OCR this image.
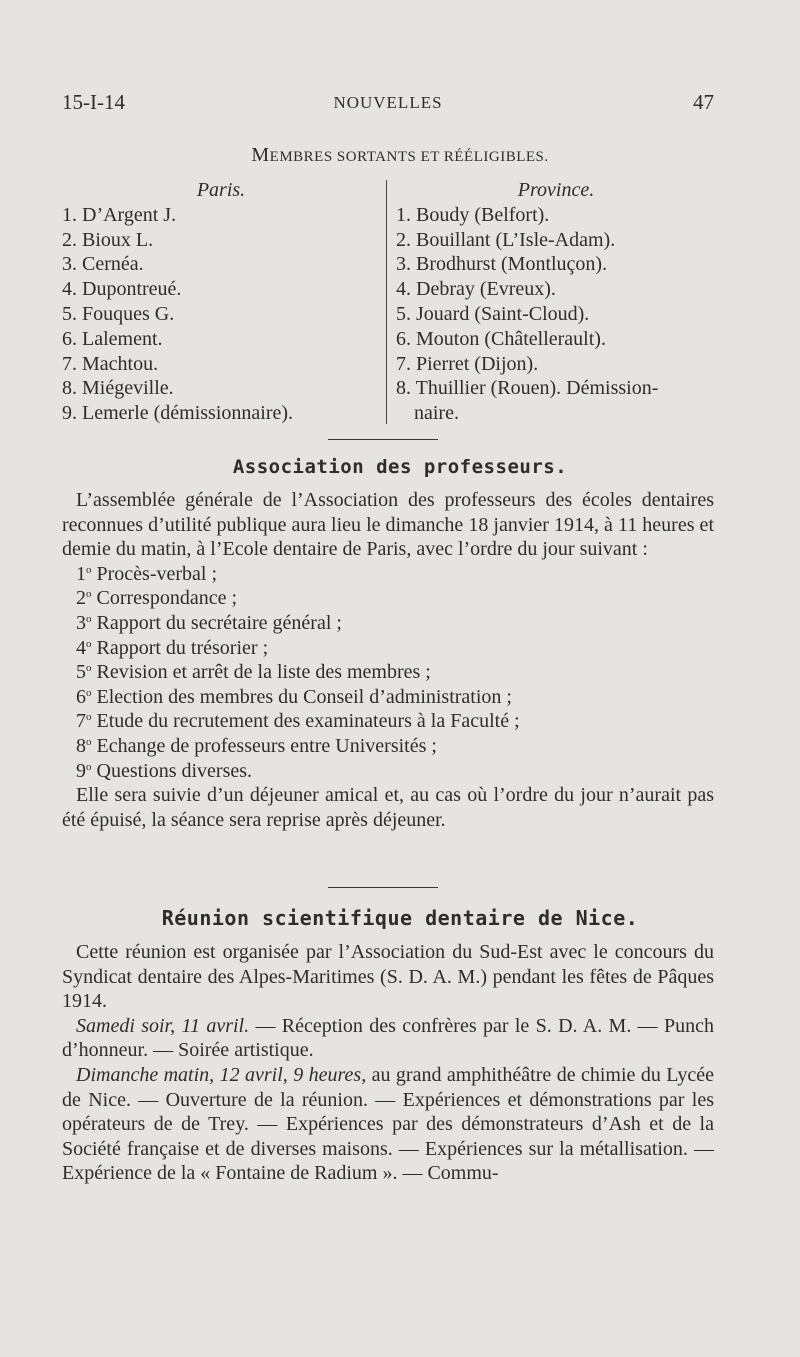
15-I-14	NOUVELLES	47
MEMBRES SORTANTS ET RÉÉLIGIBLES.
Paris.
1. D’Argent J.
2. Bioux L.
3. Cernéa.
4. Dupontreué.
5. Fouques G.
6. Lalement.
7. Machtou.
8. Miégeville.
9. Lemerle (démissionnaire).
Province.
1. Boudy (Belfort).
2. Bouillant (L’Isle-Adam).
3. Brodhurst (Montluçon).
4. Debray (Evreux).
5. Jouard (Saint-Cloud).
6. Mouton (Châtellerault).
7. Pierret (Dijon).
8. Thuillier (Rouen). Démission-
naire.
Association des professeurs.

L’assemblée générale de l’Association des professeurs des écoles dentaires reconnues d’utilité publique aura lieu le dimanche 18 janvier 1914, à 11 heures et demie du matin, à l’Ecole dentaire de Paris, avec l’ordre du jour suivant :

1$^o$ Procès-verbal ;
2$^o$ Correspondance ;
3$^o$ Rapport du secrétaire général ;
4$^o$ Rapport du trésorier ;
5$^o$ Revision et arrêt de la liste des membres ;
6$^o$ Election des membres du Conseil d’administration ;
7$^o$ Etude du recrutement des examinateurs à la Faculté ;
8$^o$ Echange de professeurs entre Universités ;
9$^o$ Questions diverses.

Elle sera suivie d’un déjeuner amical et, au cas où l’ordre du jour n’aurait pas été épuisé, la séance sera reprise après déjeuner.

Réunion scientifique dentaire de Nice.

Cette réunion est organisée par l’Association du Sud-Est avec le concours du Syndicat dentaire des Alpes-Maritimes (S. D. A. M.) pendant les fêtes de Pâques 1914.

Samedi soir, 11 avril. — Réception des confrères par le S. D. A. M. — Punch d’honneur. — Soirée artistique.

Dimanche matin, 12 avril, 9 heures, au grand amphithéâtre de chimie du Lycée de Nice. — Ouverture de la réunion. — Expériences et démonstrations par les opérateurs de de Trey. — Expériences par des démonstrateurs d’Ash et de la Société française et de diverses maisons. — Expériences sur la métallisation. — Expérience de la « Fontaine de Radium ». — Commu-
